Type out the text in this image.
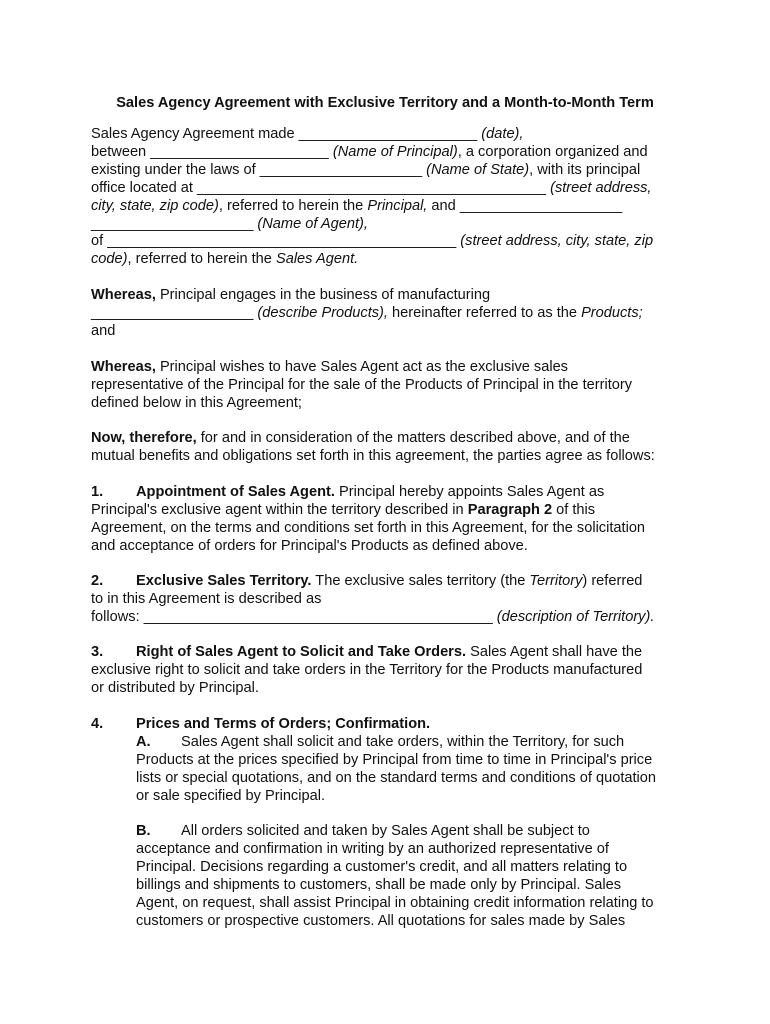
Sales Agency Agreement with Exclusive Territory and a Month-to-Month Term
Sales Agency Agreement made ______________________ (date),
between ______________________ (Name of Principal), a corporation organized and
existing under the laws of ____________________ (Name of State), with its principal
office located at ___________________________________________ (street address,
city, state, zip code), referred to herein the Principal, and ____________________
____________________ (Name of Agent),
of ___________________________________________ (street address, city, state, zip
code), referred to herein the Sales Agent.
Whereas, Principal engages in the business of manufacturing
____________________ (describe Products), hereinafter referred to as the Products;
and
Whereas, Principal wishes to have Sales Agent act as the exclusive sales
representative of the Principal for the sale of the Products of Principal in the territory
defined below in this Agreement;
Now, therefore, for and in consideration of the matters described above, and of the
mutual benefits and obligations set forth in this agreement, the parties agree as follows:
1. Appointment of Sales Agent. Principal hereby appoints Sales Agent as
Principal's exclusive agent within the territory described in Paragraph 2 of this
Agreement, on the terms and conditions set forth in this Agreement, for the solicitation
and acceptance of orders for Principal's Products as defined above.
2. Exclusive Sales Territory. The exclusive sales territory (the Territory) referred
to in this Agreement is described as
follows: ___________________________________________ (description of Territory).
3. Right of Sales Agent to Solicit and Take Orders. Sales Agent shall have the
exclusive right to solicit and take orders in the Territory for the Products manufactured
or distributed by Principal.
4. Prices and Terms of Orders; Confirmation.
A. Sales Agent shall solicit and take orders, within the Territory, for such
Products at the prices specified by Principal from time to time in Principal's price
lists or special quotations, and on the standard terms and conditions of quotation
or sale specified by Principal.
B. All orders solicited and taken by Sales Agent shall be subject to
acceptance and confirmation in writing by an authorized representative of
Principal. Decisions regarding a customer's credit, and all matters relating to
billings and shipments to customers, shall be made only by Principal. Sales
Agent, on request, shall assist Principal in obtaining credit information relating to
customers or prospective customers. All quotations for sales made by Sales
